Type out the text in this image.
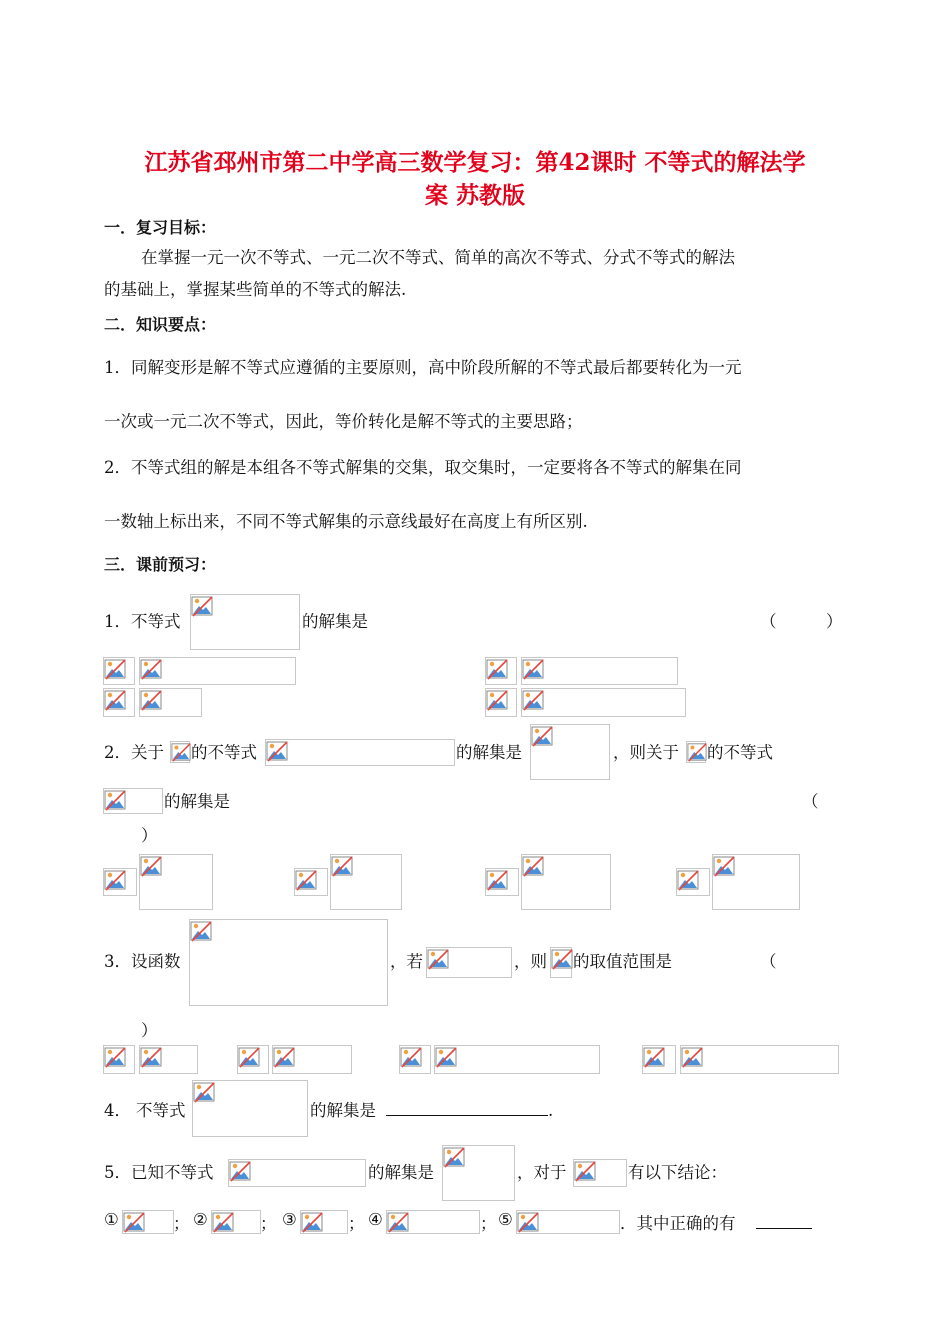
江苏省邳州市第二中学高三数学复习：第42课时 不等式的解法学
案 苏教版
一．复习目标：
在掌握一元一次不等式、一元二次不等式、简单的高次不等式、分式不等式的解法
的基础上，掌握某些简单的不等式的解法.
二．知识要点：
1．同解变形是解不等式应遵循的主要原则，高中阶段所解的不等式最后都要转化为一元
一次或一元二次不等式，因此，等价转化是解不等式的主要思路；
2．不等式组的解是本组各不等式解集的交集，取交集时，一定要将各不等式的解集在同
一数轴上标出来，不同不等式解集的示意线最好在高度上有所区别.
三．课前预习：
1．不等式	的解集是	（　　　）
2．关于 的不等式	的解集是	，则关于 的不等式
的解集是	（
）
3．设函数	，若	，则 的取值范围是	（
）
4． 不等式	的解集是	.
5．已知不等式	的解集是	，对于	有以下结论：
①	； ②	； ③	； ④	； ⑤	．其中正确的有
